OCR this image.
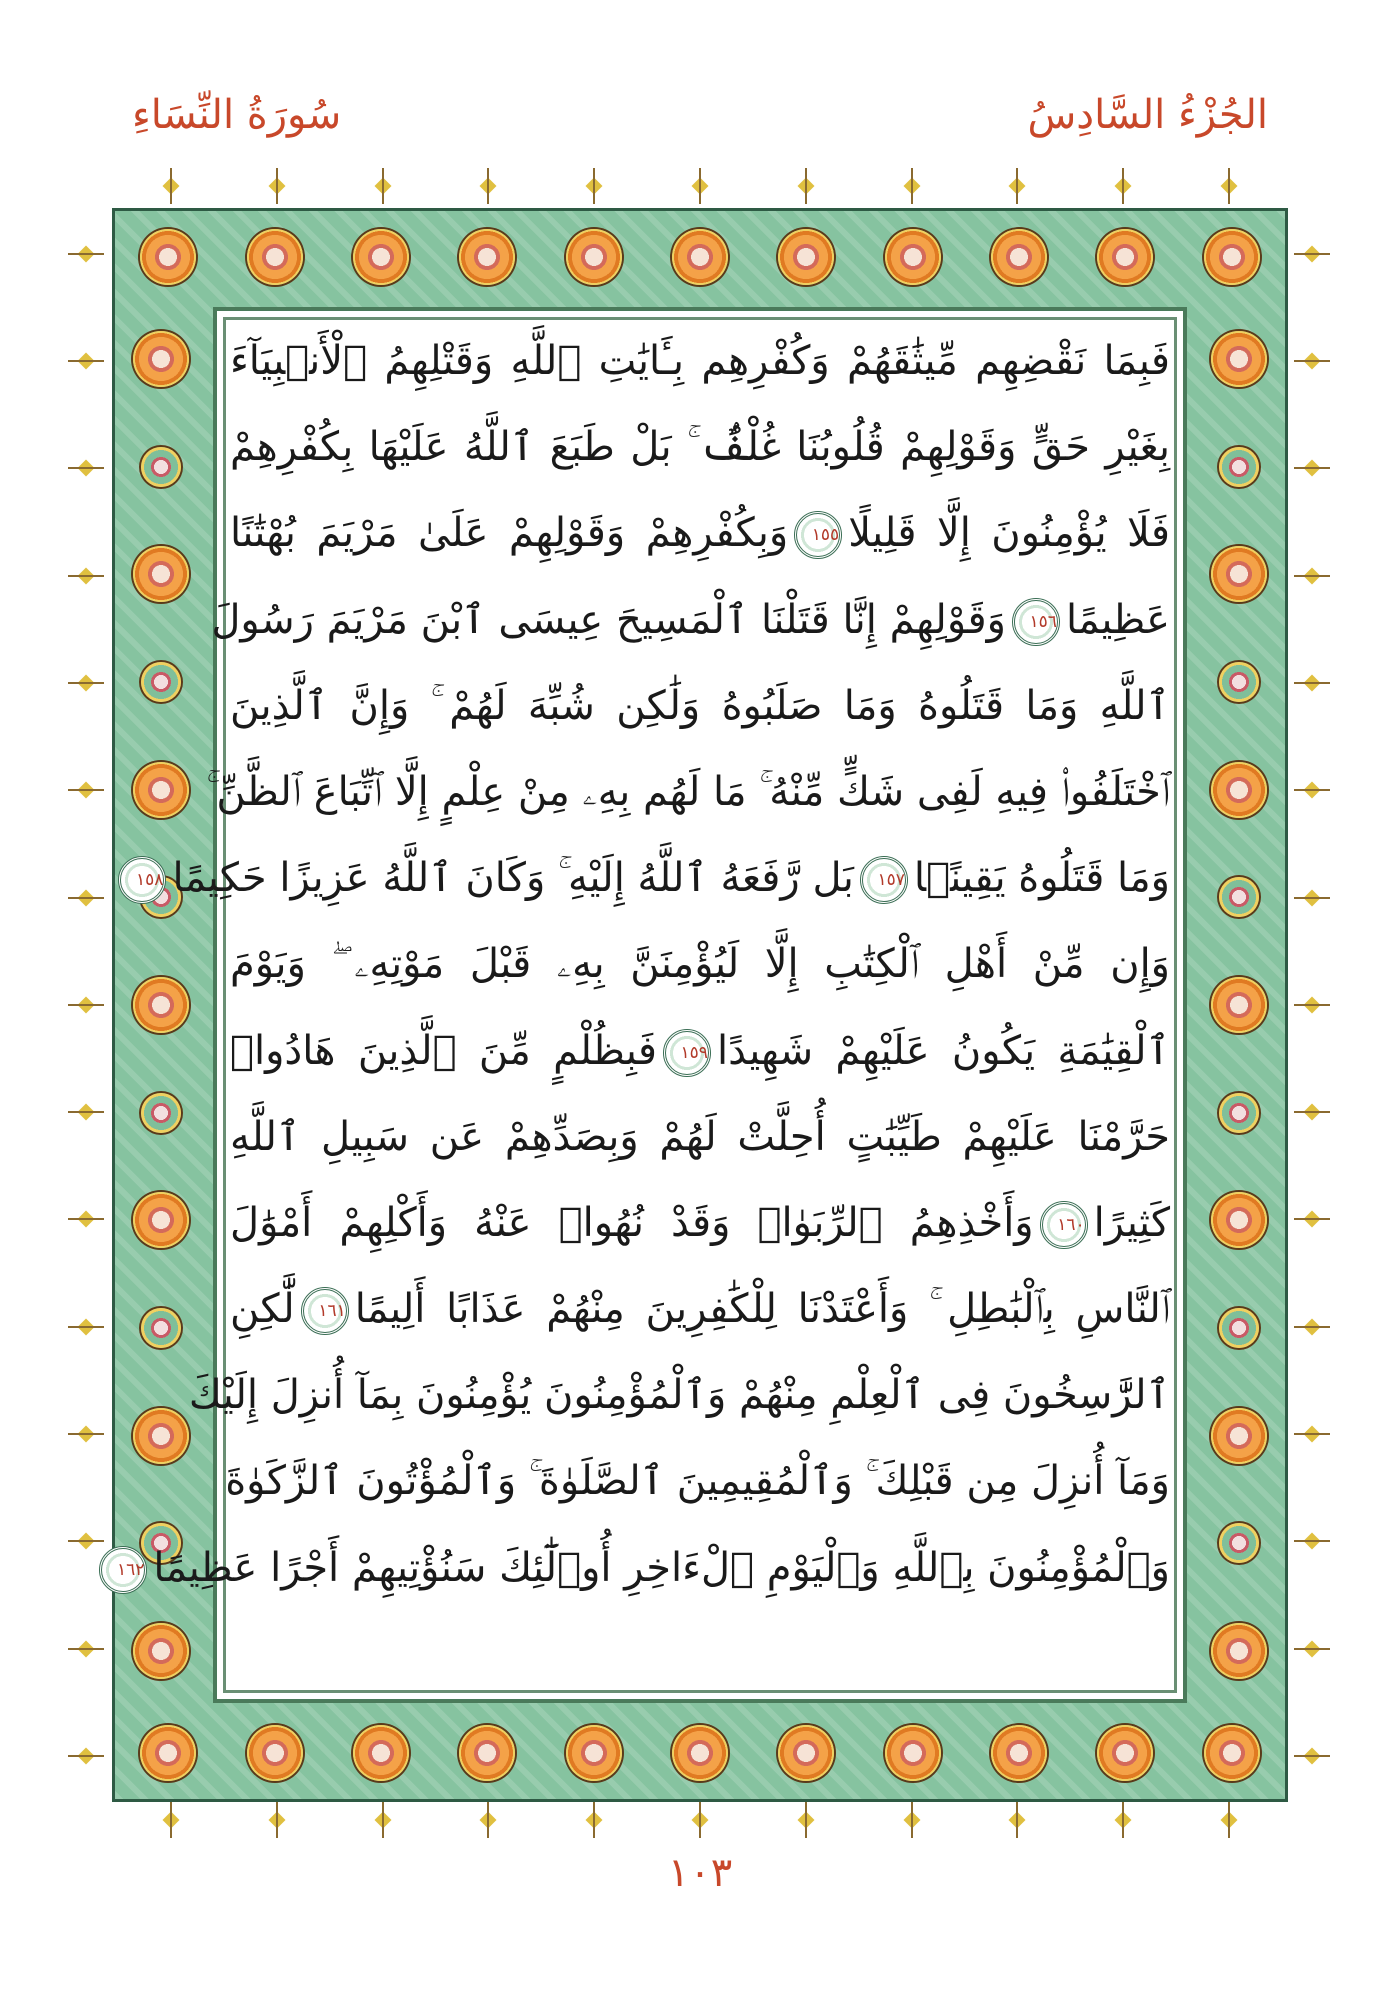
سُورَةُ النِّسَاءِ	الجُزْءُ السَّادِسُ
فَبِمَا نَقْضِهِم مِّيثَٰقَهُمْ وَكُفْرِهِم بِـَٔايَٰتِ ٱللَّهِ وَقَتْلِهِمُ ٱلْأَنۢبِيَآءَ
بِغَيْرِ حَقٍّ وَقَوْلِهِمْ قُلُوبُنَا غُلْفٌۢ ۚ بَلْ طَبَعَ ٱللَّهُ عَلَيْهَا بِكُفْرِهِمْ
فَلَا يُؤْمِنُونَ إِلَّا قَلِيلًا١٥٥وَبِكُفْرِهِمْ وَقَوْلِهِمْ عَلَىٰ مَرْيَمَ بُهْتَٰنًا
عَظِيمًا١٥٦وَقَوْلِهِمْ إِنَّا قَتَلْنَا ٱلْمَسِيحَ عِيسَى ٱبْنَ مَرْيَمَ رَسُولَ
ٱللَّهِ وَمَا قَتَلُوهُ وَمَا صَلَبُوهُ وَلَٰكِن شُبِّهَ لَهُمْ ۚ وَإِنَّ ٱلَّذِينَ
ٱخْتَلَفُوا۟ فِيهِ لَفِى شَكٍّ مِّنْهُ ۚ مَا لَهُم بِهِۦ مِنْ عِلْمٍ إِلَّا ٱتِّبَاعَ ٱلظَّنِّ ۚ
وَمَا قَتَلُوهُ يَقِينًۢا١٥٧بَل رَّفَعَهُ ٱللَّهُ إِلَيْهِ ۚ وَكَانَ ٱللَّهُ عَزِيزًا حَكِيمًا١٥٨
وَإِن مِّنْ أَهْلِ ٱلْكِتَٰبِ إِلَّا لَيُؤْمِنَنَّ بِهِۦ قَبْلَ مَوْتِهِۦ ۖ وَيَوْمَ
ٱلْقِيَٰمَةِ يَكُونُ عَلَيْهِمْ شَهِيدًا١٥٩فَبِظُلْمٍ مِّنَ ٱلَّذِينَ هَادُوا۟
حَرَّمْنَا عَلَيْهِمْ طَيِّبَٰتٍ أُحِلَّتْ لَهُمْ وَبِصَدِّهِمْ عَن سَبِيلِ ٱللَّهِ
كَثِيرًا١٦٠وَأَخْذِهِمُ ٱلرِّبَوٰا۟ وَقَدْ نُهُوا۟ عَنْهُ وَأَكْلِهِمْ أَمْوَٰلَ
ٱلنَّاسِ بِٱلْبَٰطِلِ ۚ وَأَعْتَدْنَا لِلْكَٰفِرِينَ مِنْهُمْ عَذَابًا أَلِيمًا١٦١لَّٰكِنِ
ٱلرَّٰسِخُونَ فِى ٱلْعِلْمِ مِنْهُمْ وَٱلْمُؤْمِنُونَ يُؤْمِنُونَ بِمَآ أُنزِلَ إِلَيْكَ
وَمَآ أُنزِلَ مِن قَبْلِكَ ۚ وَٱلْمُقِيمِينَ ٱلصَّلَوٰةَ ۚ وَٱلْمُؤْتُونَ ٱلزَّكَوٰةَ
وَٱلْمُؤْمِنُونَ بِٱللَّهِ وَٱلْيَوْمِ ٱلْءَاخِرِ أُو۟لَٰٓئِكَ سَنُؤْتِيهِمْ أَجْرًا عَظِيمًا١٦٢
١٠٣
